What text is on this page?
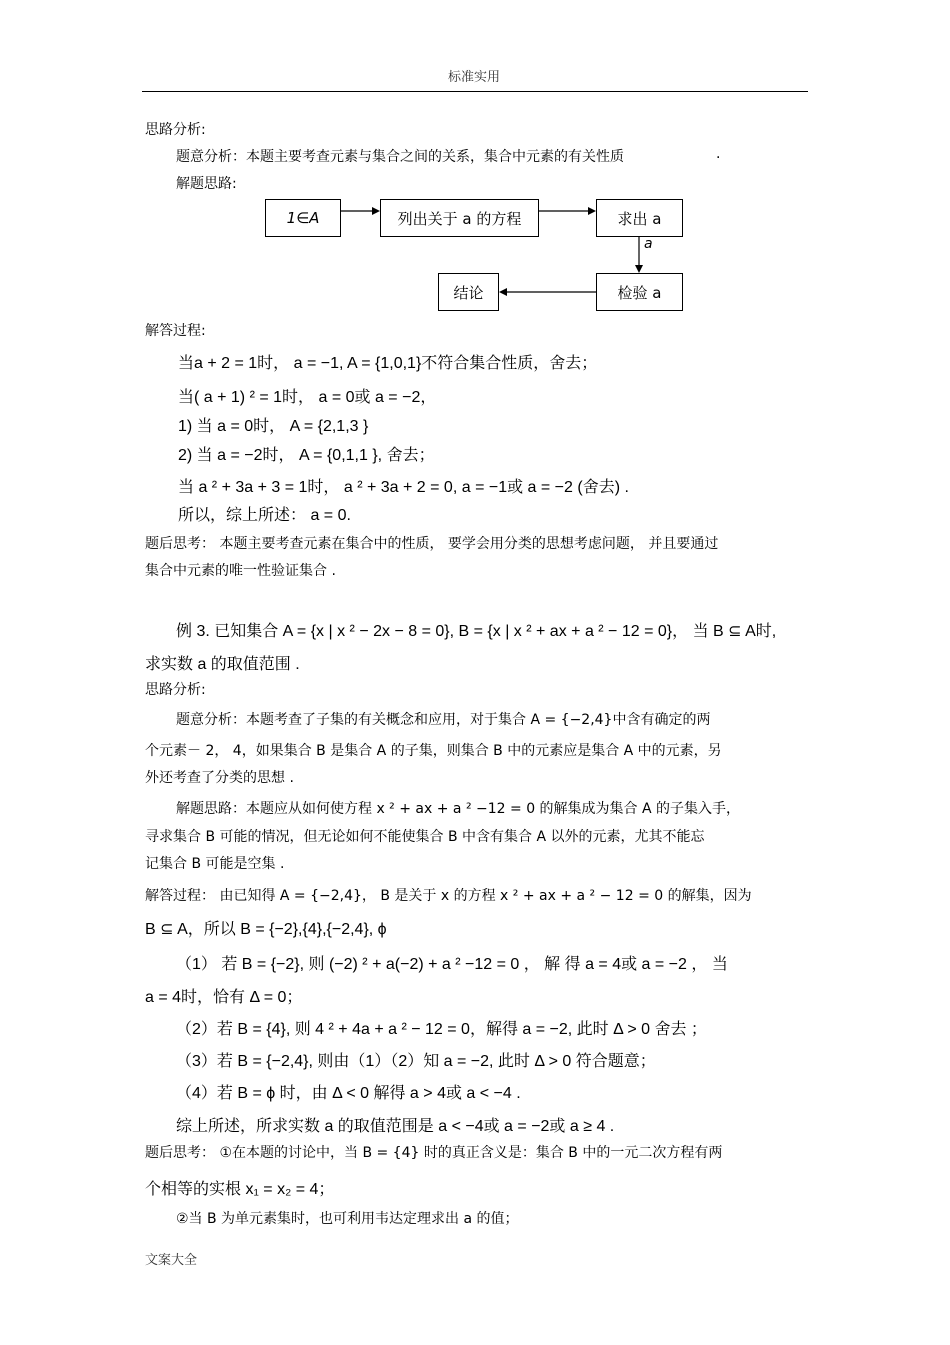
标准实用
思路分析:
题意分析：本题主要考查元素与集合之间的关系，集合中元素的有关性质	.
解题思路:
1∈A	列出关于 a 的方程	求出 a
检验 a
结论
a
解答过程:
当a + 2 = 1时， a = −1, A = {1,0,1}不符合集合性质，舍去；
当( a + 1) ² = 1时， a = 0或 a = −2，
1) 当 a = 0时， A = {2,1,3 }
2) 当 a = −2时， A = {0,1,1 }, 舍去；
当 a ² + 3a + 3 = 1时， a ² + 3a + 2 = 0, a = −1或 a = −2 (舍去) .
所以，综上所述： a = 0.
题后思考： 本题主要考查元素在集合中的性质， 要学会用分类的思想考虑问题， 并且要通过
集合中元素的唯一性验证集合 .
例 3. 已知集合 A = {x | x ² − 2x − 8 = 0}, B = {x | x ² + ax + a ² − 12 = 0}， 当 B ⊆ A时,
求实数 a 的取值范围 .
思路分析:
题意分析：本题考查了子集的有关概念和应用，对于集合 A = {−2,4}中含有确定的两
个元素－ 2， 4，如果集合 B 是集合 A 的子集，则集合 B 中的元素应是集合 A 中的元素，另
外还考查了分类的思想 .
解题思路：本题应从如何使方程 x ² + ax + a ² −12 = 0 的解集成为集合 A 的子集入手，
寻求集合 B 可能的情况，但无论如何不能使集合 B 中含有集合 A 以外的元素，尤其不能忘
记集合 B 可能是空集 .
解答过程： 由已知得 A = {−2,4}， B 是关于 x 的方程 x ² + ax + a ² − 12 = 0 的解集，因为
B ⊆ A，所以 B = {−2},{4},{−2,4}, ϕ
（1） 若 B = {−2}, 则 (−2) ² + a(−2) + a ² −12 = 0 ， 解 得 a = 4或 a = −2 ， 当
a = 4时，恰有 Δ = 0；
（2）若 B = {4}, 则 4 ² + 4a + a ² − 12 = 0，解得 a = −2, 此时 Δ > 0 舍去 ；
（3）若 B = {−2,4}, 则由（1）（2）知 a = −2, 此时 Δ > 0 符合题意；
（4）若 B = ϕ 时，由 Δ < 0 解得 a > 4或 a < −4 .
综上所述，所求实数 a 的取值范围是 a < −4或 a = −2或 a ≥ 4 .
题后思考： ①在本题的讨论中，当 B = {4} 时的真正含义是：集合 B 中的一元二次方程有两
个相等的实根 x₁ = x₂ = 4；
②当 B 为单元素集时，也可利用韦达定理求出 a 的值；
文案大全
